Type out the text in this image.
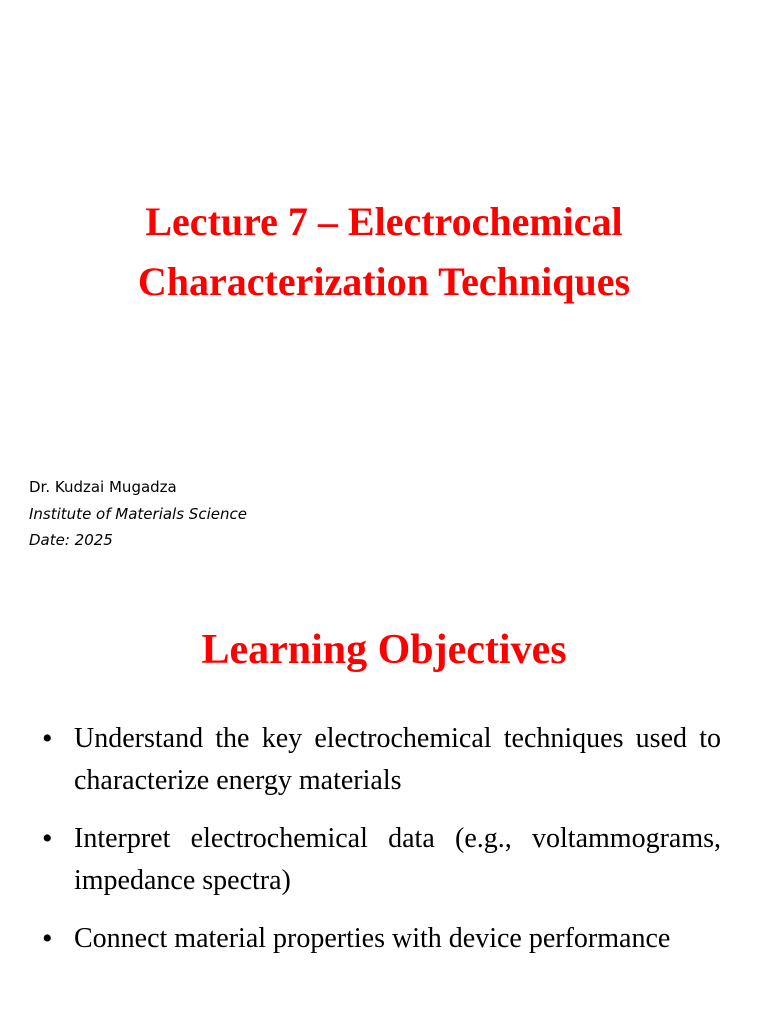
Lecture 7 – Electrochemical
Characterization Techniques
Dr. Kudzai Mugadza
Institute of Materials Science
Date: 2025
Learning Objectives
• Understand the key electrochemical techniques used to characterize energy materials
• Interpret electrochemical data (e.g., voltammograms, impedance spectra)
• Connect material properties with device performance
